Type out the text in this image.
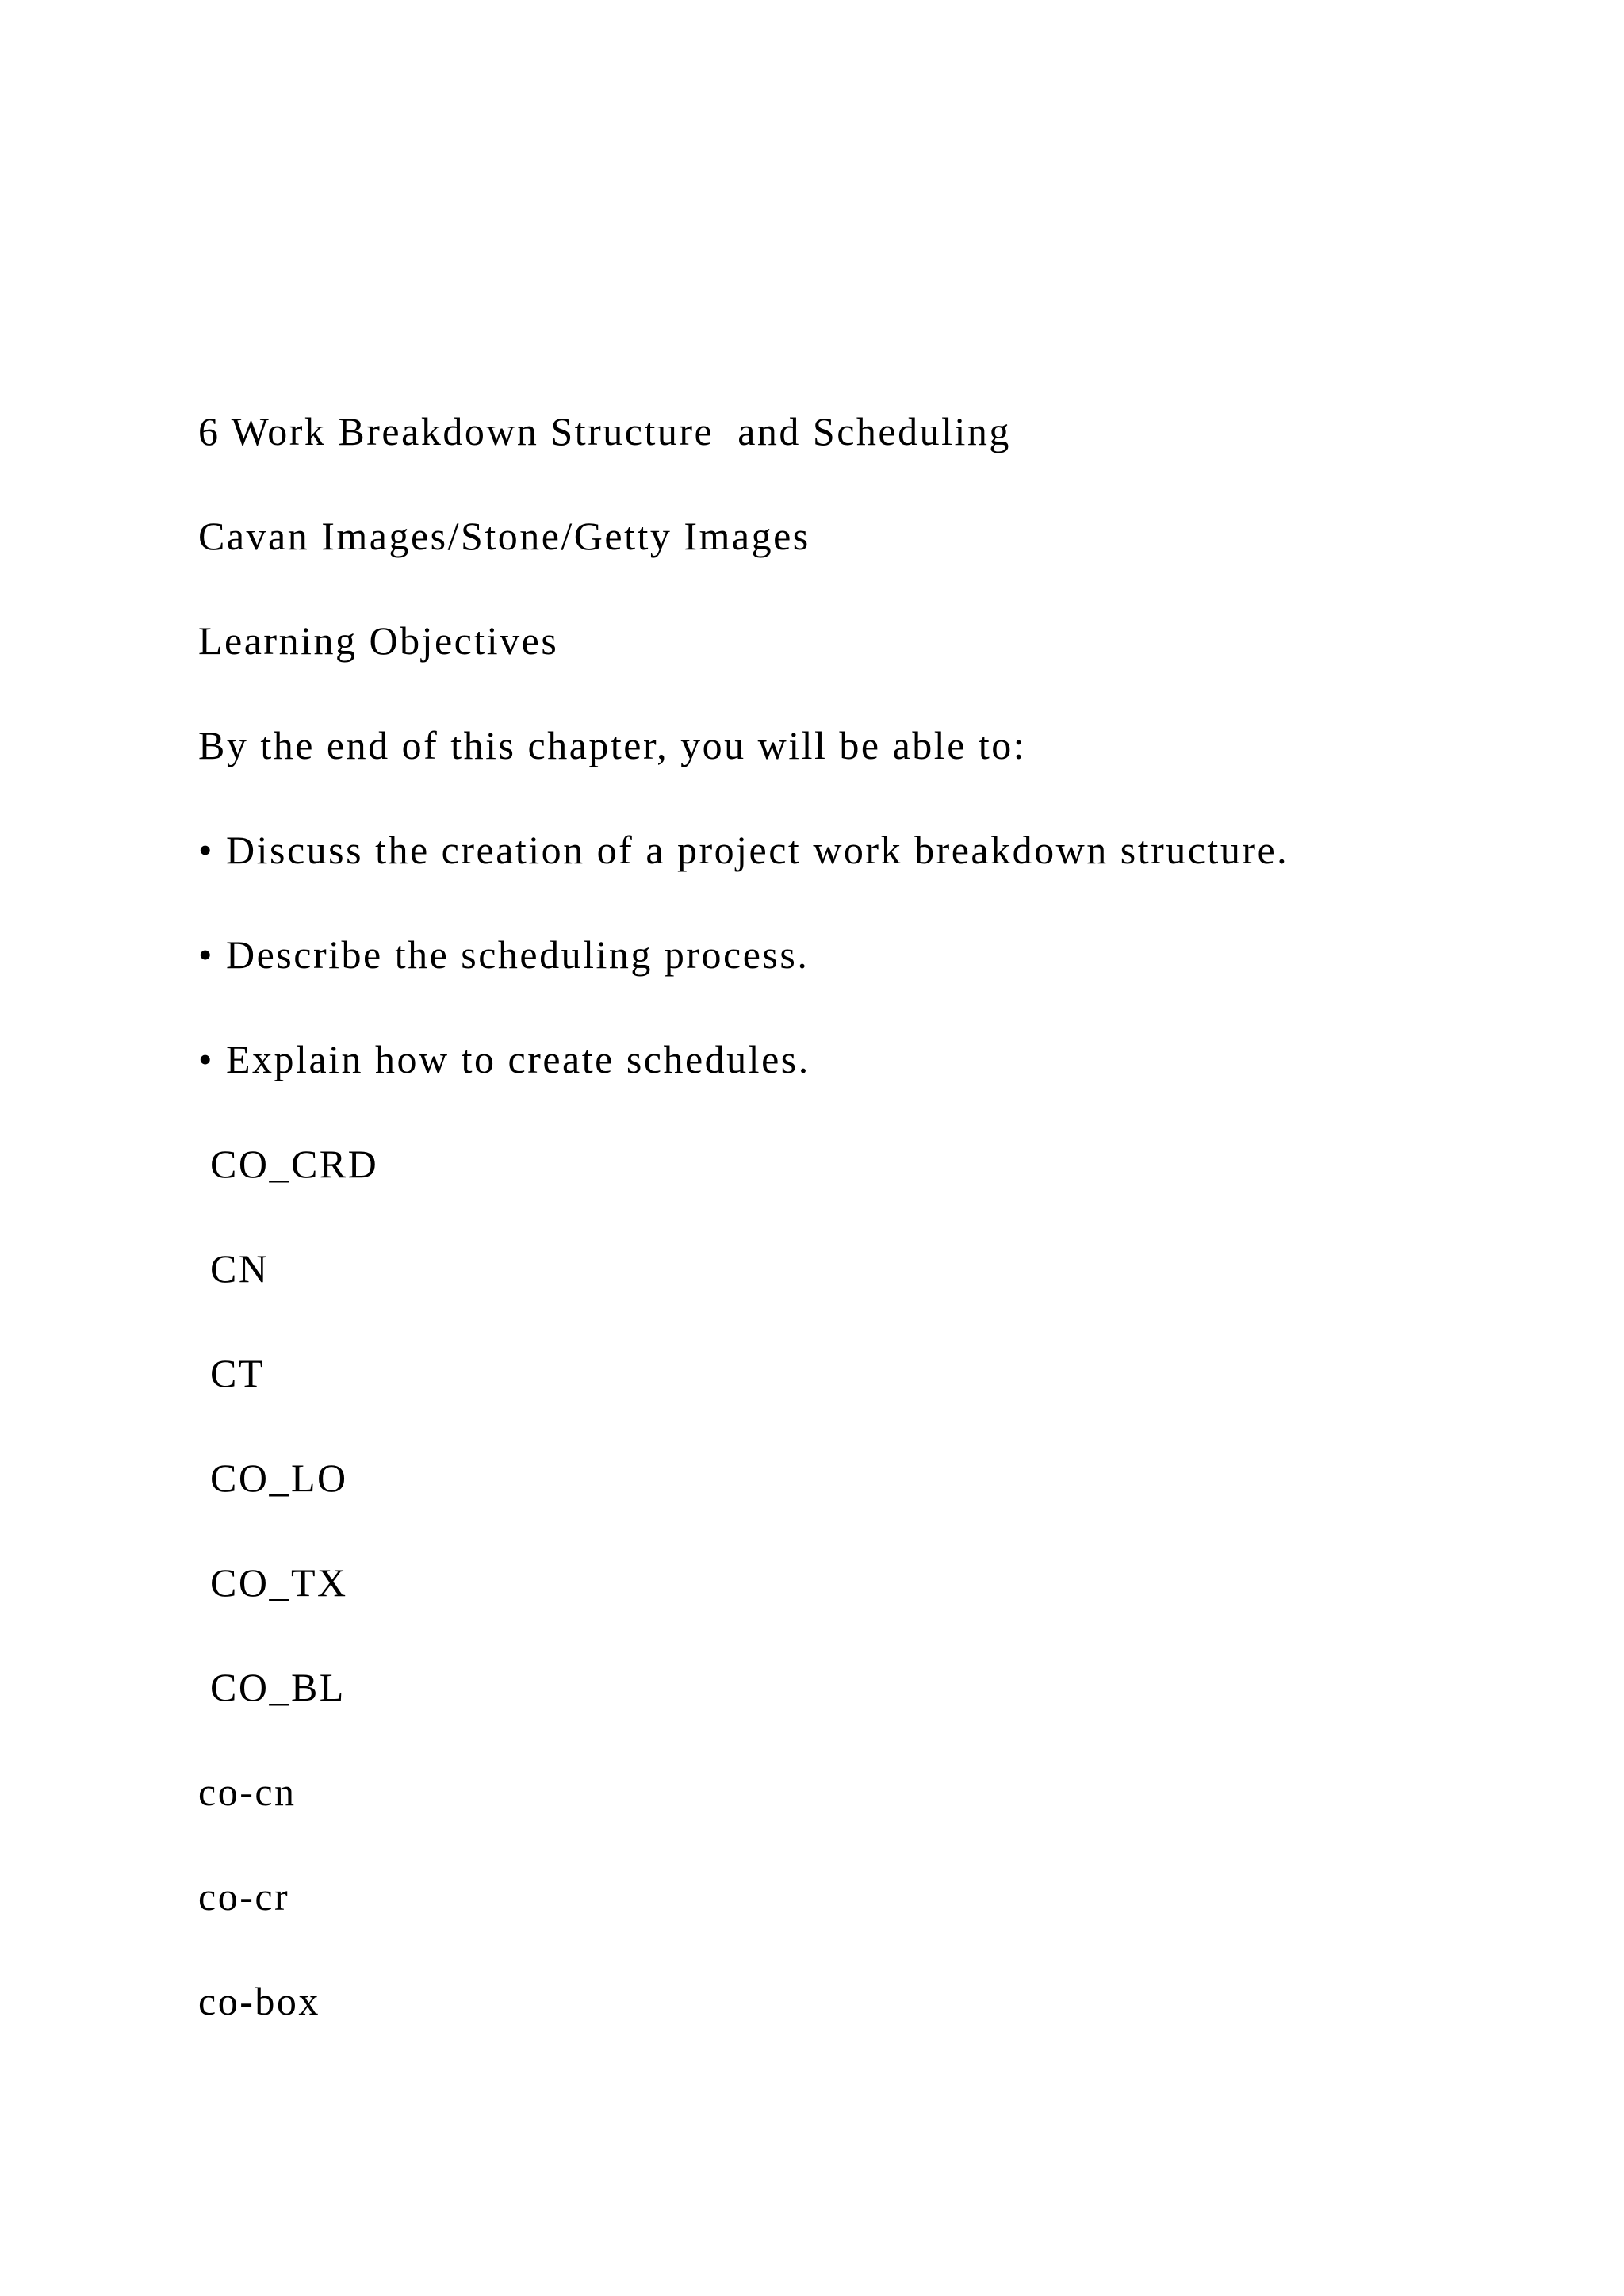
6 Work Breakdown Structure  and Scheduling

Cavan Images/Stone/Getty Images

Learning Objectives

By the end of this chapter, you will be able to:

• Discuss the creation of a project work breakdown structure.

• Describe the scheduling process.

• Explain how to create schedules.

CO_CRD

CN

CT

CO_LO

CO_TX

CO_BL

co-cn

co-cr

co-box
